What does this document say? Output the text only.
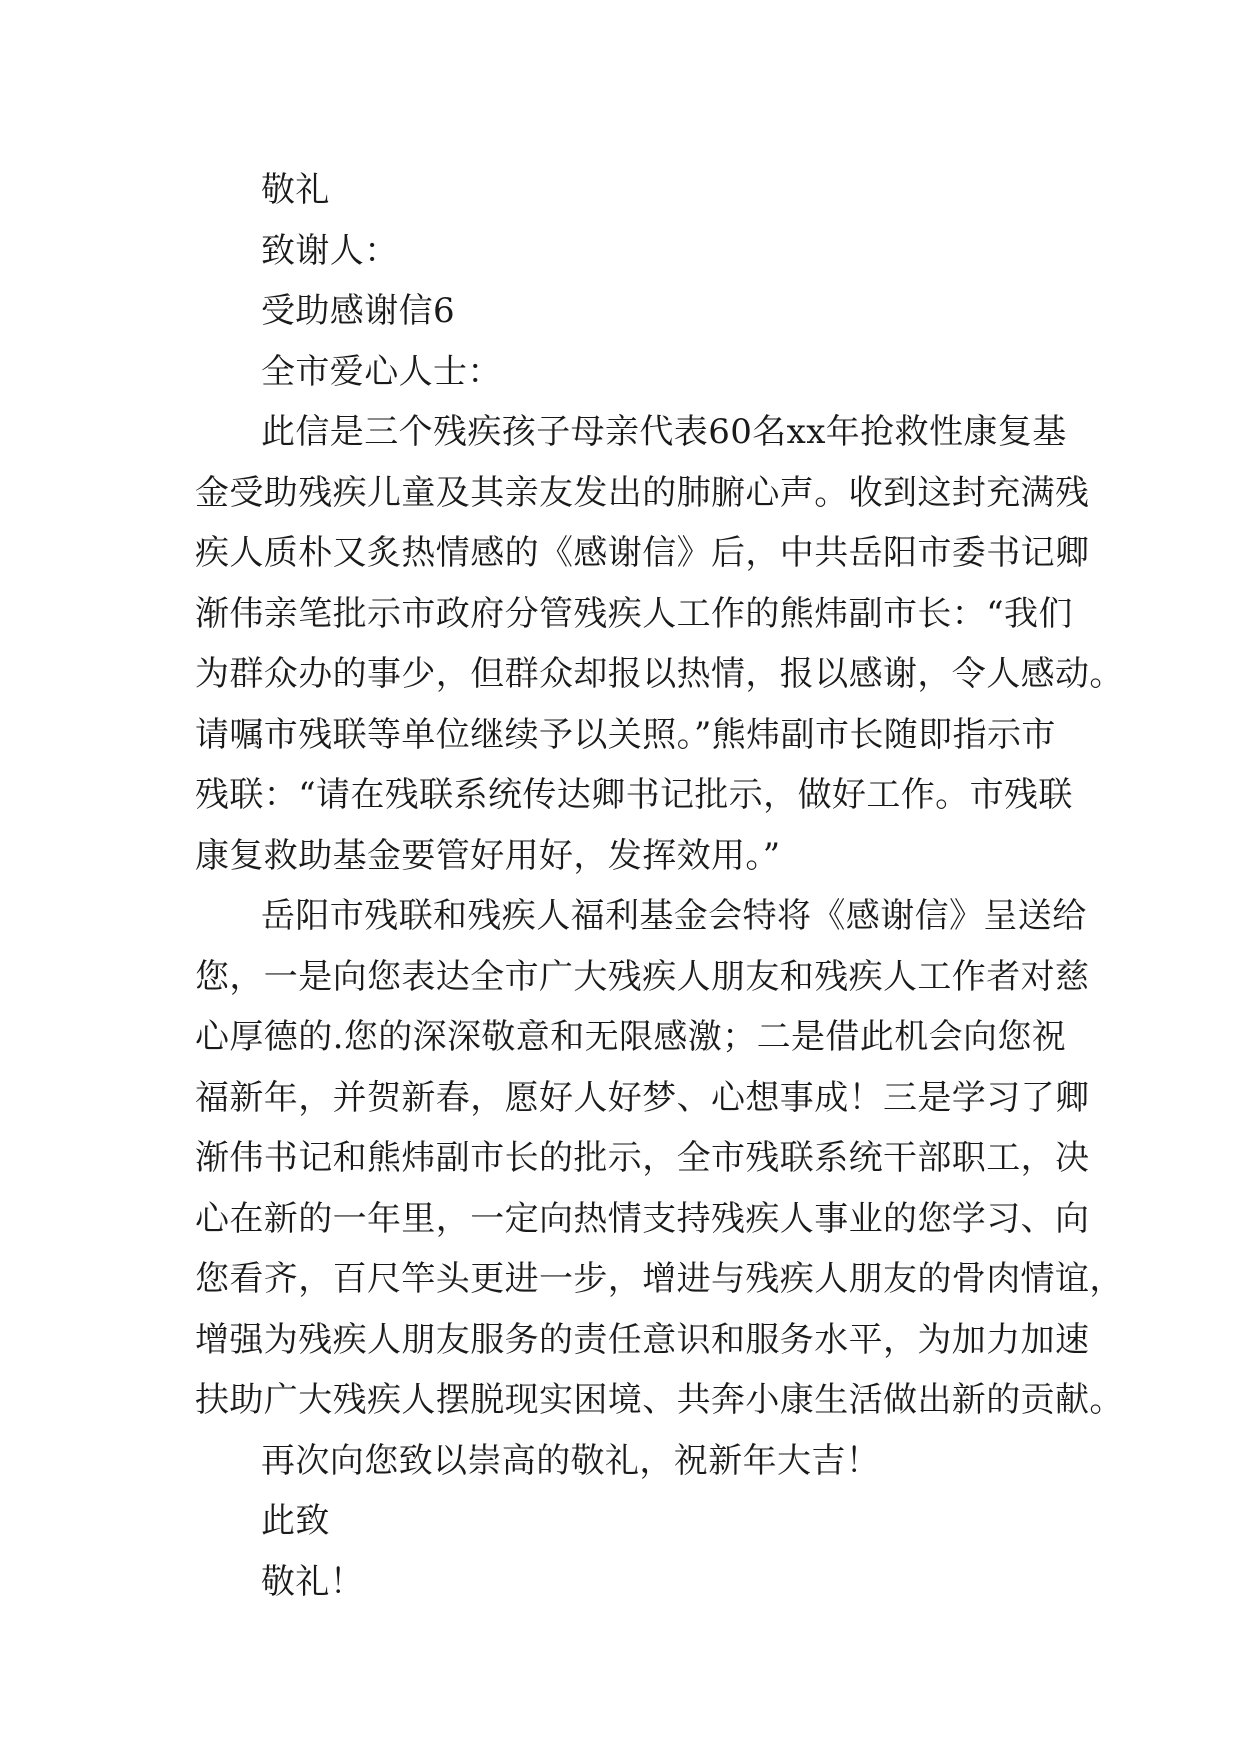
敬礼
致谢人：
受助感谢信6
全市爱心人士：
此信是三个残疾孩子母亲代表60名xx年抢救性康复基
金受助残疾儿童及其亲友发出的肺腑心声。收到这封充满残
疾人质朴又炙热情感的《感谢信》后，中共岳阳市委书记卿
渐伟亲笔批示市政府分管残疾人工作的熊炜副市长：“我们
为群众办的事少，但群众却报以热情，报以感谢，令人感动。
请嘱市残联等单位继续予以关照。”熊炜副市长随即指示市
残联：“请在残联系统传达卿书记批示，做好工作。市残联
康复救助基金要管好用好，发挥效用。”
岳阳市残联和残疾人福利基金会特将《感谢信》呈送给
您，一是向您表达全市广大残疾人朋友和残疾人工作者对慈
心厚德的.您的深深敬意和无限感激；二是借此机会向您祝
福新年，并贺新春，愿好人好梦、心想事成！三是学习了卿
渐伟书记和熊炜副市长的批示，全市残联系统干部职工，决
心在新的一年里，一定向热情支持残疾人事业的您学习、向
您看齐，百尺竿头更进一步，增进与残疾人朋友的骨肉情谊，
增强为残疾人朋友服务的责任意识和服务水平，为加力加速
扶助广大残疾人摆脱现实困境、共奔小康生活做出新的贡献。
再次向您致以崇高的敬礼，祝新年大吉！
此致
敬礼！
